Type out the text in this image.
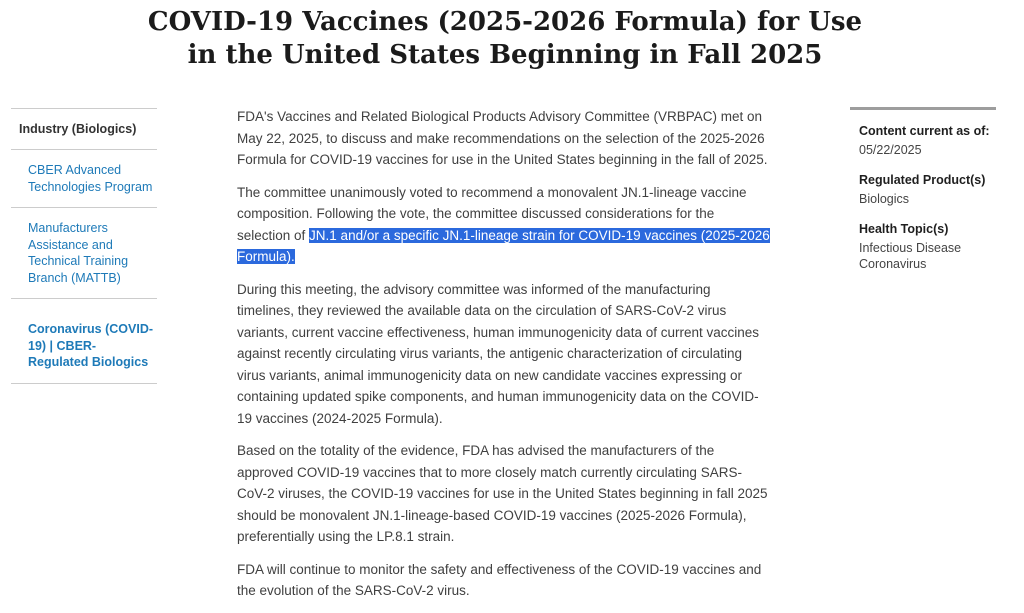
COVID-19 Vaccines (2025-2026 Formula) for Use
in the United States Beginning in Fall 2025
Industry (Biologics)
CBER Advanced Technologies Program
Manufacturers Assistance and Technical Training Branch (MATTB)
Coronavirus (COVID-19) | CBER-Regulated Biologics

FDA's Vaccines and Related Biological Products Advisory Committee (VRBPAC) met on May 22, 2025, to discuss and make recommendations on the selection of the 2025-2026 Formula for COVID-19 vaccines for use in the United States beginning in the fall of 2025.

The committee unanimously voted to recommend a monovalent JN.1-lineage vaccine composition. Following the vote, the committee discussed considerations for the selection of JN.1 and/or a specific JN.1-lineage strain for COVID-19 vaccines (2025-2026 Formula).

During this meeting, the advisory committee was informed of the manufacturing timelines, they reviewed the available data on the circulation of SARS-CoV-2 virus variants, current vaccine effectiveness, human immunogenicity data of current vaccines against recently circulating virus variants, the antigenic characterization of circulating virus variants, animal immunogenicity data on new candidate vaccines expressing or containing updated spike components, and human immunogenicity data on the COVID-19 vaccines (2024-2025 Formula).

Based on the totality of the evidence, FDA has advised the manufacturers of the approved COVID-19 vaccines that to more closely match currently circulating SARS-CoV-2 viruses, the COVID-19 vaccines for use in the United States beginning in fall 2025 should be monovalent JN.1-lineage-based COVID-19 vaccines (2025-2026 Formula), preferentially using the LP.8.1 strain.

FDA will continue to monitor the safety and effectiveness of the COVID-19 vaccines and the evolution of the SARS-CoV-2 virus.

Content current as of:
05/22/2025
Regulated Product(s)
Biologics
Health Topic(s)
Infectious Disease
Coronavirus
